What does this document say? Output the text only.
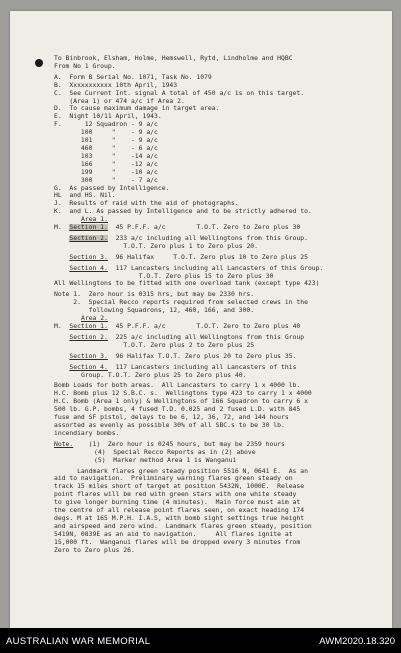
To Binbrook, Elsham, Holme, Hemswell, Rytd, Lindholme and HQBC
From No 1 Group.
A.  Form B Serial No. 1071, Task No. 1079
B.  Xxxxxxxxxxx 10th April, 1943
C.  See Current Int. signal A total of 450 a/c is on this target.
(Area 1) or 474 a/c if Area 2.
D.  To cause maximum damage in target area.
E.  Night 10/11 April, 1943.
F.      12 Squadron - 9 a/c
100     "    - 9 a/c
101     "    - 9 a/c
460     "    - 6 a/c
103     "    -14 a/c
166     "    -12 a/c
199     "    -10 a/c
300     "    - 7 a/c
G.  As passed by Intelligence.
HL  and HS. Nil.
J.  Results of raid with the aid of photographs.
K.  and L. As passed by Intelligence and to be strictly adhered to.
Area 1.
M.  Section 1. 45 P.F.F. a/c        T.O.T. Zero to Zero plus 30
Section 2. 233 a/c including all Wellingtons from this Group.
T.O.T. Zero plus 1 to Zero plus 20.
Section 3. 96 Halifax     T.O.T. Zero plus 10 to Zero plus 25
Section 4. 117 Lancasters including all Lancasters of this Group.
T.O.T. Zero plus 15 to Zero plus 30
All Wellingtons to be fitted with one overload tank (except type 423)
Note 1.  Zero hour is 0315 hrs, but may be 2330 hrs.
2.  Special Recco reports required from selected crews in the
following Squadrons, 12, 460, 166, and 300.
Area 2.
M.  Section 1. 45 P.F.F. a/c        T.O.T. Zero to Zero plus 40
Section 2. 225 a/c including all Wellingtons from this Group
T.O.T. Zero plus 2 to Zero plus 25
Section 3. 96 Halifax T.O.T. Zero plus 20 to Zero plus 35.
Section 4. 117 Lancasters including all Lancasters of this
Group. T.O.T. Zero plus 25 to Zero plus 40.
Bomb Loads for both areas.  All Lancasters to carry 1 x 4000 lb.
H.C. Bomb plus 12 S.B.C. s.  Wellingtons type 423 to carry 1 x 4000
H.C. Bomb (Area 1 only) & Wellingtons of 166 Squadron to carry 6 x
500 lb. G.P. bombs, 4 fused T.D. 0.025 and 2 fused L.D. with 845
fuse and SF pistol, delays to be 6, 12, 36, 72, and 144 hours
assorted as evenly as possible 30% of all SBC.s to be 30 lb.
incendiary bombs.
Note. (1)  Zero hour is 0245 hours, but may be 2359 hours
(4)  Special Recco Reports as in (2) above
(5)  Marker method Area 1 is Wanganui
Landmark flares green steady position 5516 N, 0641 E.  As an
aid to navigation.  Preliminary warning flares green steady on
track 15 miles short of target at position 5432N, 1000E.  Release
point flares will be red with green stars with one white steady
to give longer burning time (4 minutes).  Main force must aim at
the centre of all release point flares seen, on exact heading 174
degs. M at 165 M.P.H. I.A.S, with bomb sight settings true height
and airspeed and zero wind.  Landmark flares green steady, position
5419N, 0839E as an aid to navigation.     All flares ignite at
15,000 ft.  Wanganui flares will be dropped every 3 minutes from
Zero to Zero plus 26.
AUSTRALIAN WAR MEMORIAL	AWM2020.18.320
